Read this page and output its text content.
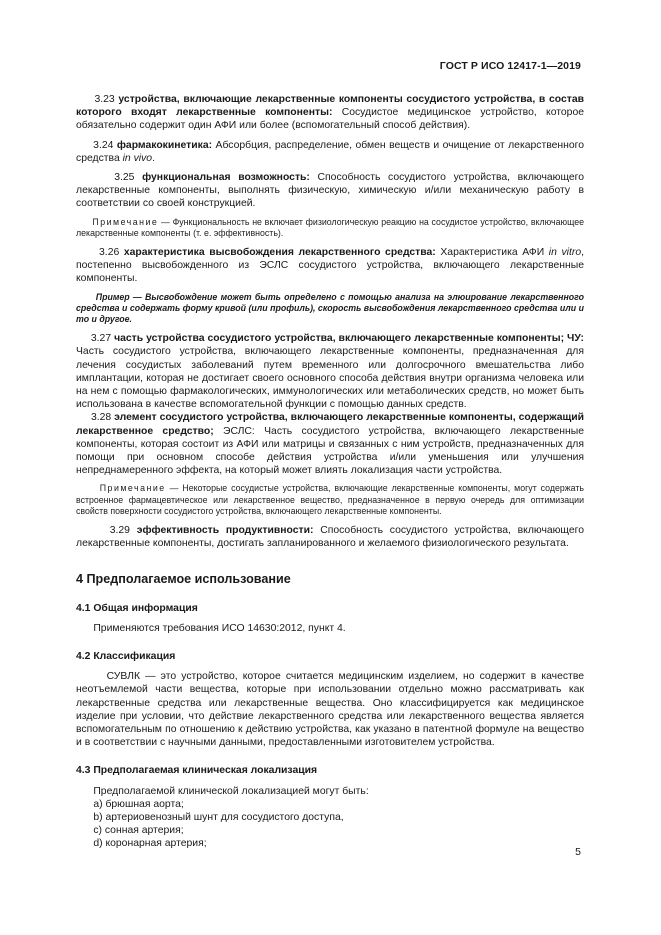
ГОСТ Р ИСО 12417-1—2019

3.23 устройства, включающие лекарственные компоненты сосудистого устройства, в состав которого входят лекарственные компоненты: Сосудистое медицинское устройство, которое обязательно содержит один АФИ или более (вспомогательный способ действия).

3.24 фармакокинетика: Абсорбция, распределение, обмен веществ и очищение от лекарственного средства in vivo.

3.25 функциональная возможность: Способность сосудистого устройства, включающего лекарственные компоненты, выполнять физическую, химическую и/или механическую работу в соответствии со своей конструкцией.

Примечание — Функциональность не включает физиологическую реакцию на сосудистое устройство, включающее лекарственные компоненты (т. е. эффективность).

3.26 характеристика высвобождения лекарственного средства: Характеристика АФИ in vitro, постепенно высвобожденного из ЭСЛС сосудистого устройства, включающего лекарственные компоненты.

Пример — Высвобождение может быть определено с помощью анализа на элюирование лекарственного средства и содержать форму кривой (или профиль), скорость высвобождения лекарственного средства или и то и другое.

3.27 часть устройства сосудистого устройства, включающего лекарственные компоненты; ЧУ: Часть сосудистого устройства, включающего лекарственные компоненты, предназначенная для лечения сосудистых заболеваний путем временного или долгосрочного вмешательства либо имплантации, которая не достигает своего основного способа действия внутри организма человека или на нем с помощью фармакологических, иммунологических или метаболических средств, но может быть использована в качестве вспомогательной функции с помощью данных средств.

3.28 элемент сосудистого устройства, включающего лекарственные компоненты, содержащий лекарственное средство; ЭСЛС: Часть сосудистого устройства, включающего лекарственные компоненты, которая состоит из АФИ или матрицы и связанных с ним устройств, предназначенных для помощи при основном способе действия устройства и/или уменьшения или улучшения непреднамеренного эффекта, на который может влиять локализация части устройства.

Примечание — Некоторые сосудистые устройства, включающие лекарственные компоненты, могут содержать встроенное фармацевтическое или лекарственное вещество, предназначенное в первую очередь для оптимизации свойств поверхности сосудистого устройства, включающего лекарственные компоненты.

3.29 эффективность продуктивности: Способность сосудистого устройства, включающего лекарственные компоненты, достигать запланированного и желаемого физиологического результата.

4 Предполагаемое использование
4.1 Общая информация

Применяются требования ИСО 14630:2012, пункт 4.

4.2 Классификация

СУВЛК — это устройство, которое считается медицинским изделием, но содержит в качестве неотъемлемой части вещества, которые при использовании отдельно можно рассматривать как лекарственные средства или лекарственные вещества. Оно классифицируется как медицинское изделие при условии, что действие лекарственного средства или лекарственного вещества является вспомогательным по отношению к действию устройства, как указано в патентной формуле на вещество и в соответствии с научными данными, предоставленными изготовителем устройства.

4.3 Предполагаемая клиническая локализация

Предполагаемой клинической локализацией могут быть:

a) брюшная аорта;

b) артериовенозный шунт для сосудистого доступа,

c) сонная артерия;

d) коронарная артерия;

5
